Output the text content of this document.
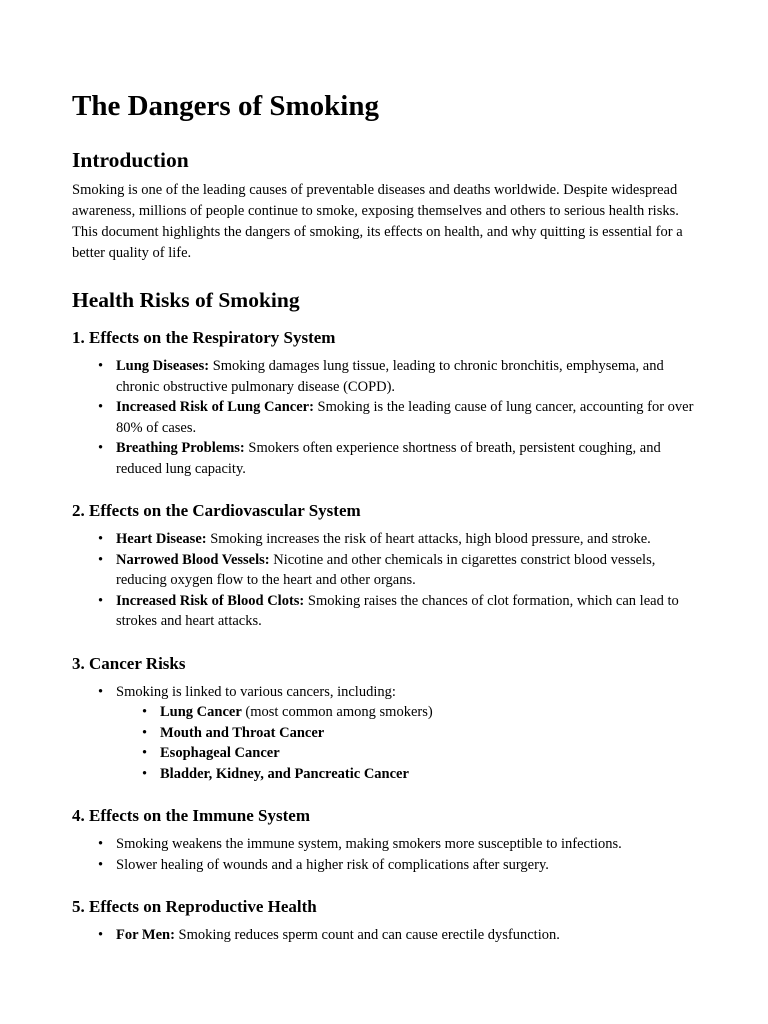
The Dangers of Smoking
Introduction

Smoking is one of the leading causes of preventable diseases and deaths worldwide. Despite widespread awareness, millions of people continue to smoke, exposing themselves and others to serious health risks. This document highlights the dangers of smoking, its effects on health, and why quitting is essential for a better quality of life.

Health Risks of Smoking
1. Effects on the Respiratory System
• Lung Diseases: Smoking damages lung tissue, leading to chronic bronchitis, emphysema, and chronic obstructive pulmonary disease (COPD).
• Increased Risk of Lung Cancer: Smoking is the leading cause of lung cancer, accounting for over 80% of cases.
• Breathing Problems: Smokers often experience shortness of breath, persistent coughing, and reduced lung capacity.
2. Effects on the Cardiovascular System
• Heart Disease: Smoking increases the risk of heart attacks, high blood pressure, and stroke.
• Narrowed Blood Vessels: Nicotine and other chemicals in cigarettes constrict blood vessels, reducing oxygen flow to the heart and other organs.
• Increased Risk of Blood Clots: Smoking raises the chances of clot formation, which can lead to strokes and heart attacks.
3. Cancer Risks
• Smoking is linked to various cancers, including:
• Lung Cancer (most common among smokers)
• Mouth and Throat Cancer
• Esophageal Cancer
• Bladder, Kidney, and Pancreatic Cancer
4. Effects on the Immune System
• Smoking weakens the immune system, making smokers more susceptible to infections.
• Slower healing of wounds and a higher risk of complications after surgery.
5. Effects on Reproductive Health
• For Men: Smoking reduces sperm count and can cause erectile dysfunction.
